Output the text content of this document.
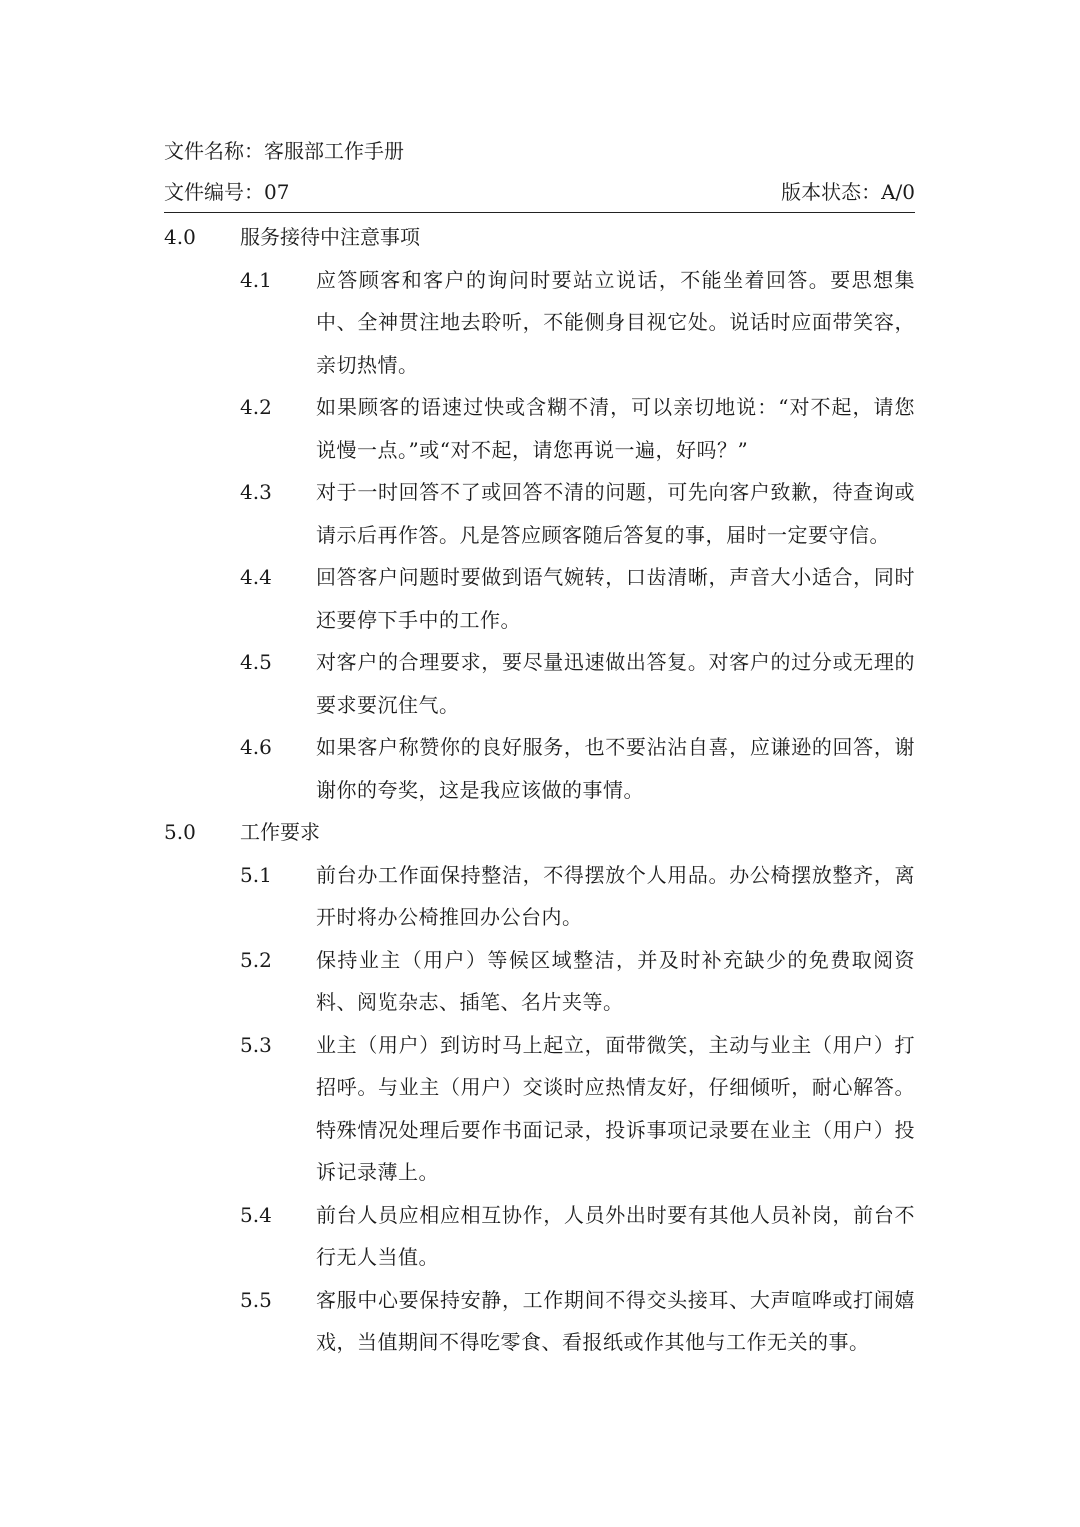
文件名称：客服部工作手册
文件编号：07	版本状态：A/0
4.0	服务接待中注意事项
4.1	应答顾客和客户的询问时要站立说话，不能坐着回答。要思想集中、全神贯注地去聆听，不能侧身目视它处。说话时应面带笑容，亲切热情。
4.2	如果顾客的语速过快或含糊不清，可以亲切地说：“对不起，请您说慢一点。”或“对不起，请您再说一遍，好吗？”
4.3	对于一时回答不了或回答不清的问题，可先向客户致歉，待查询或请示后再作答。凡是答应顾客随后答复的事，届时一定要守信。
4.4	回答客户问题时要做到语气婉转，口齿清晰，声音大小适合，同时还要停下手中的工作。
4.5	对客户的合理要求，要尽量迅速做出答复。对客户的过分或无理的要求要沉住气。
4.6	如果客户称赞你的良好服务，也不要沾沾自喜，应谦逊的回答，谢谢你的夸奖，这是我应该做的事情。
5.0	工作要求
5.1	前台办工作面保持整洁，不得摆放个人用品。办公椅摆放整齐，离开时将办公椅推回办公台内。
5.2	保持业主（用户）等候区域整洁，并及时补充缺少的免费取阅资料、阅览杂志、插笔、名片夹等。
5.3	业主（用户）到访时马上起立，面带微笑，主动与业主（用户）打招呼。与业主（用户）交谈时应热情友好，仔细倾听，耐心解答。特殊情况处理后要作书面记录，投诉事项记录要在业主（用户）投诉记录薄上。
5.4	前台人员应相应相互协作，人员外出时要有其他人员补岗，前台不行无人当值。
5.5	客服中心要保持安静，工作期间不得交头接耳、大声喧哗或打闹嬉戏，当值期间不得吃零食、看报纸或作其他与工作无关的事。
